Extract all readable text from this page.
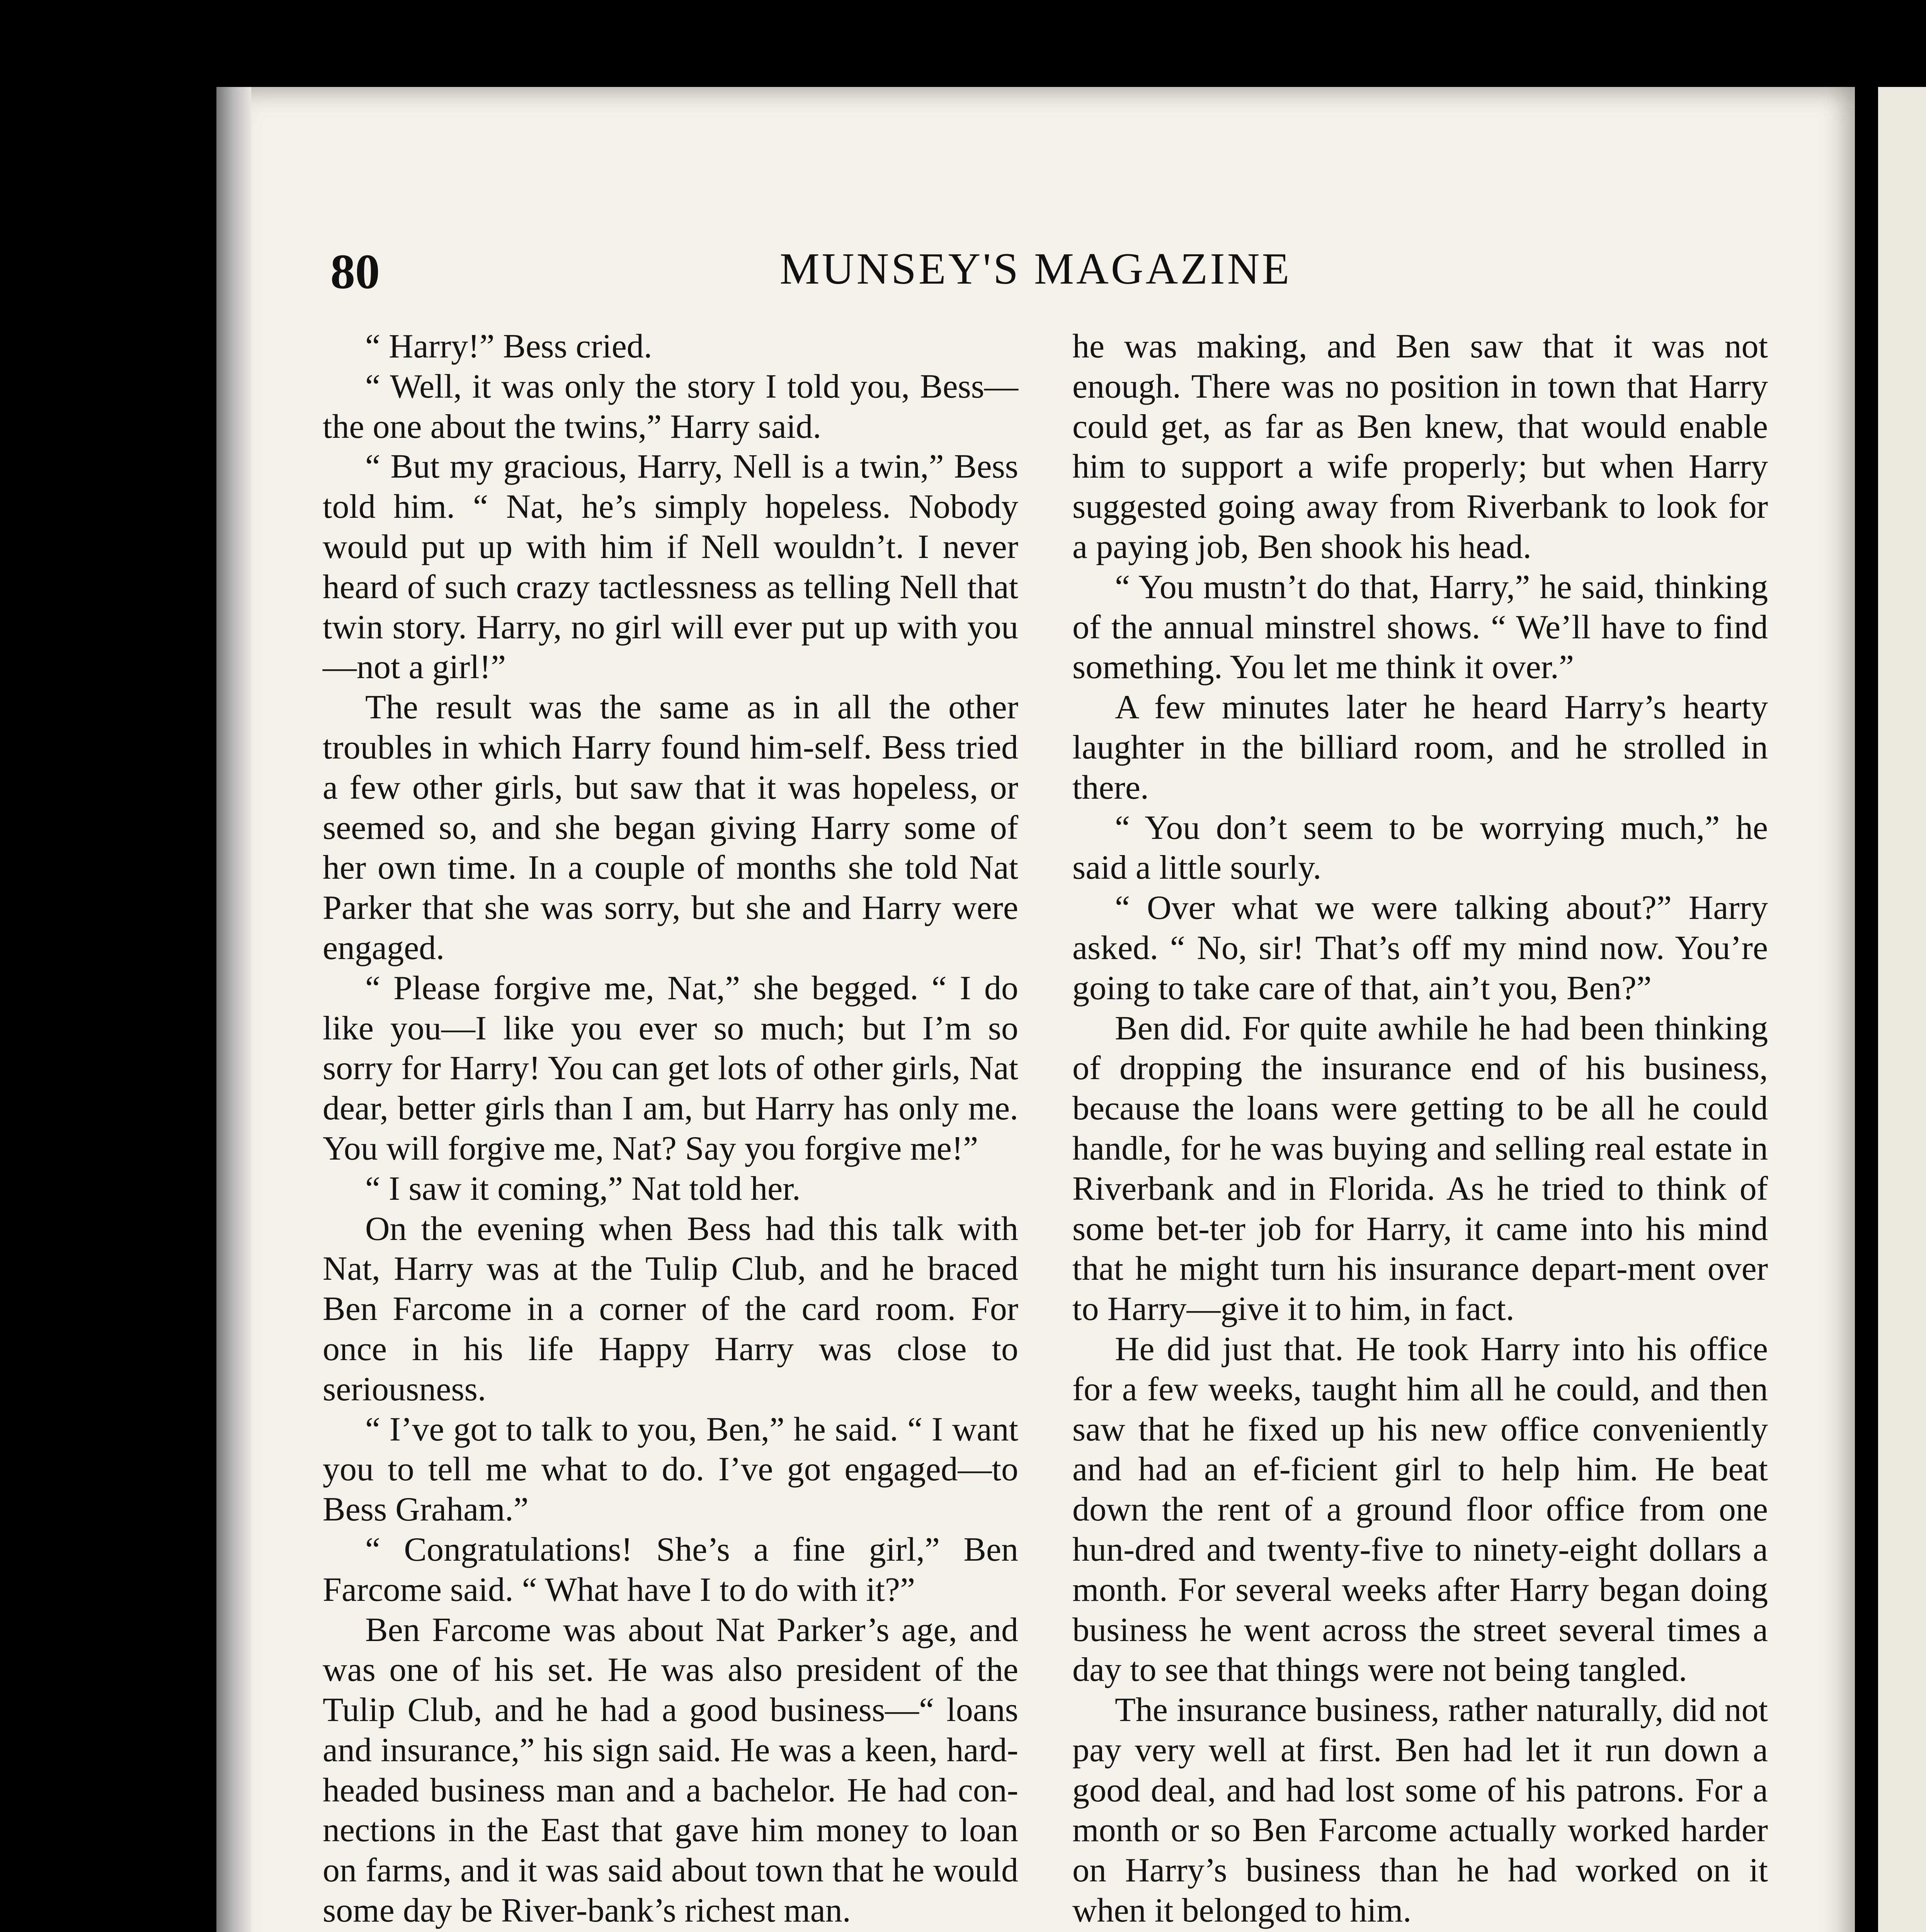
80	MUNSEY'S MAGAZINE

“ Harry!” Bess cried.

“ Well, it was only the story I told you, Bess—the one about the twins,” Harry said.

“ But my gracious, Harry, Nell is a twin,” Bess told him. “ Nat, he’s simply hopeless. Nobody would put up with him if Nell wouldn’t. I never heard of such crazy tactlessness as telling Nell that twin story. Harry, no girl will ever put up with you—not a girl!”

The result was the same as in all the other troubles in which Harry found him-self. Bess tried a few other girls, but saw that it was hopeless, or seemed so, and she began giving Harry some of her own time. In a couple of months she told Nat Parker that she was sorry, but she and Harry were engaged.

“ Please forgive me, Nat,” she begged. “ I do like you—I like you ever so much; but I’m so sorry for Harry! You can get lots of other girls, Nat dear, better girls than I am, but Harry has only me. You will forgive me, Nat? Say you forgive me!”

“ I saw it coming,” Nat told her.

On the evening when Bess had this talk with Nat, Harry was at the Tulip Club, and he braced Ben Farcome in a corner of the card room. For once in his life Happy Harry was close to seriousness.

“ I’ve got to talk to you, Ben,” he said. “ I want you to tell me what to do. I’ve got engaged—to Bess Graham.”

“ Congratulations! She’s a fine girl,” Ben Farcome said. “ What have I to do with it?”

Ben Farcome was about Nat Parker’s age, and was one of his set. He was also president of the Tulip Club, and he had a good business—“ loans and insurance,” his sign said. He was a keen, hard-headed business man and a bachelor. He had con-nections in the East that gave him money to loan on farms, and it was said about town that he would some day be River-bank’s richest man.

he was making, and Ben saw that it was not enough. There was no position in town that Harry could get, as far as Ben knew, that would enable him to support a wife properly; but when Harry suggested going away from Riverbank to look for a paying job, Ben shook his head.

“ You mustn’t do that, Harry,” he said, thinking of the annual minstrel shows. “ We’ll have to find something. You let me think it over.”

A few minutes later he heard Harry’s hearty laughter in the billiard room, and he strolled in there.

“ You don’t seem to be worrying much,” he said a little sourly.

“ Over what we were talking about?” Harry asked. “ No, sir! That’s off my mind now. You’re going to take care of that, ain’t you, Ben?”

Ben did. For quite awhile he had been thinking of dropping the insurance end of his business, because the loans were getting to be all he could handle, for he was buying and selling real estate in Riverbank and in Florida. As he tried to think of some bet-ter job for Harry, it came into his mind that he might turn his insurance depart-ment over to Harry—give it to him, in fact.

He did just that. He took Harry into his office for a few weeks, taught him all he could, and then saw that he fixed up his new office conveniently and had an ef-ficient girl to help him. He beat down the rent of a ground floor office from one hun-dred and twenty-five to ninety-eight dollars a month. For several weeks after Harry began doing business he went across the street several times a day to see that things were not being tangled.

The insurance business, rather naturally, did not pay very well at first. Ben had let it run down a good deal, and had lost some of his patrons. For a month or so Ben Farcome actually worked harder on Harry’s business than he had worked on it when it belonged to him.
